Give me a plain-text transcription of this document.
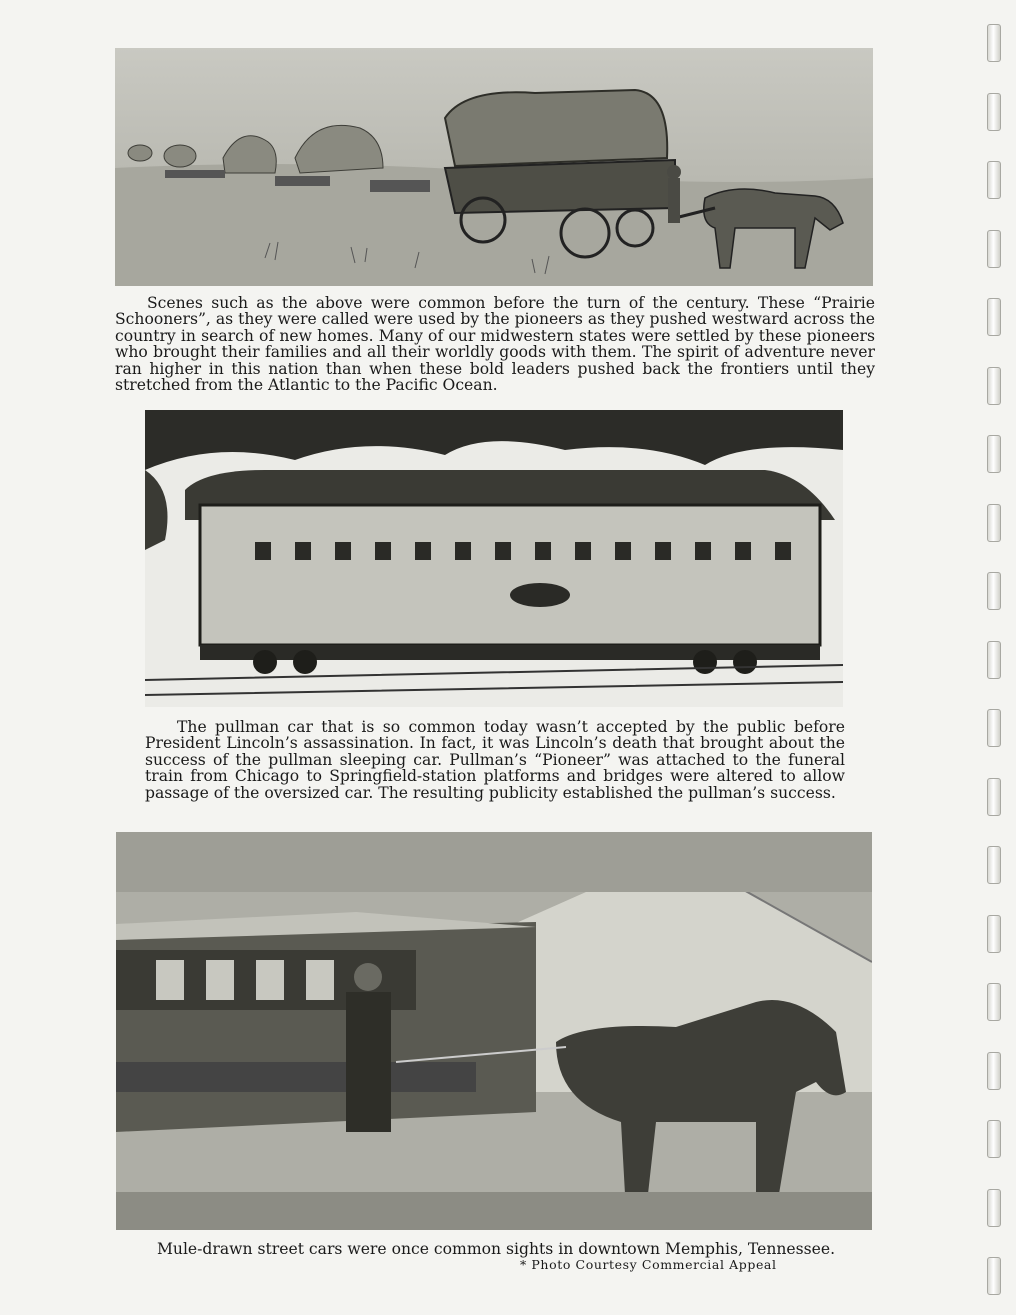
Scenes such as the above were common before the turn of the century. These “Prairie Schooners”, as they were called were used by the pioneers as they pushed westward across the country in search of new homes. Many of our midwestern states were settled by these pioneers who brought their families and all their worldly goods with them. The spirit of adventure never ran higher in this nation than when these bold leaders pushed back the frontiers until they stretched from the Atlantic to the Pacific Ocean.

The pullman car that is so common today wasn’t accepted by the public before President Lincoln’s assassination. In fact, it was Lincoln’s death that brought about the success of the pullman sleeping car. Pullman’s “Pioneer” was attached to the funeral train from Chicago to Springfield-station platforms and bridges were altered to allow passage of the oversized car. The resulting publicity established the pullman’s success.

Mule-drawn street cars were once common sights in downtown Memphis, Tennessee.

* Photo Courtesy Commercial Appeal
